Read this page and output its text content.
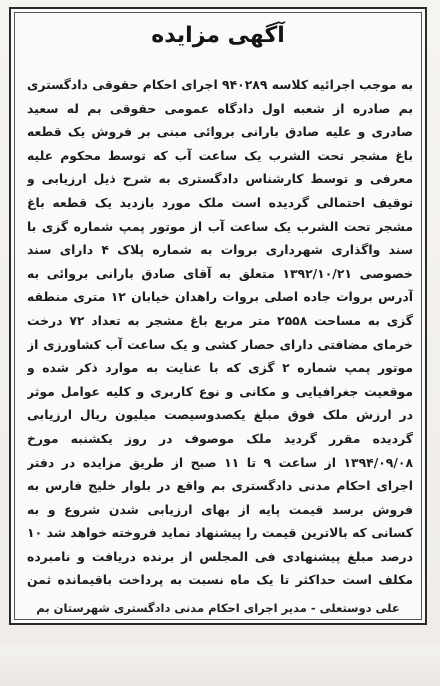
آگهی مزایده
به موجب اجرائیه کلاسه ۹۴۰۲۸۹ اجرای احکام حقوقی دادگستری بم صادره از شعبه اول دادگاه عمومی حقوقی بم له سعید صادری و علیه صادق بارانی بروائی مبنی بر فروش یک قطعه باغ مشجر تحت الشرب یک ساعت آب که توسط محکوم علیه معرفی و توسط کارشناس دادگستری به شرح ذیل ارزیابی و توقیف احتمالی گردیده است ملک مورد بازدید یک قطعه باغ مشجر تحت الشرب یک ساعت آب از موتور پمپ شماره گزی با سند واگذاری شهرداری بروات به شماره پلاک ۴ دارای سند خصوصی ۱۳۹۲/۱۰/۲۱ متعلق به آقای صادق بارانی بروائی به آدرس بروات جاده اصلی بروات راهدان خیابان ۱۲ متری منطقه گزی به مساحت ۲۵۵۸ متر مربع باغ مشجر به تعداد ۷۲ درخت خرمای مضافتی دارای حصار کشی و یک ساعت آب کشاورزی از موتور پمپ شماره ۲ گزی که با عنایت به موارد ذکر شده و موقعیت جغرافیایی و مکانی و نوع کاربری و کلیه عوامل موثر در ارزش ملک فوق مبلغ یکصدوسیصت میلیون ریال ارزیابی گردیده مقرر گردید ملک موصوف در روز یکشنبه مورخ ۱۳۹۴/۰۹/۰۸ از ساعت ۹ تا ۱۱ صبح از طریق مزایده در دفتر اجرای احکام مدنی دادگستری بم واقع در بلوار خلیج فارس به فروش برسد قیمت پایه از بهای ارزیابی شدن شروع و به کسانی که بالاترین قیمت را پیشنهاد نماید فروخته خواهد شد ۱۰ درصد مبلغ پیشنهادی فی المجلس از برنده دریافت و نامبرده مکلف است حداکثر تا یک ماه نسبت به پرداخت باقیمانده ثمن
علی دوستعلی - مدیر اجرای احکام مدنی دادگستری شهرستان بم
